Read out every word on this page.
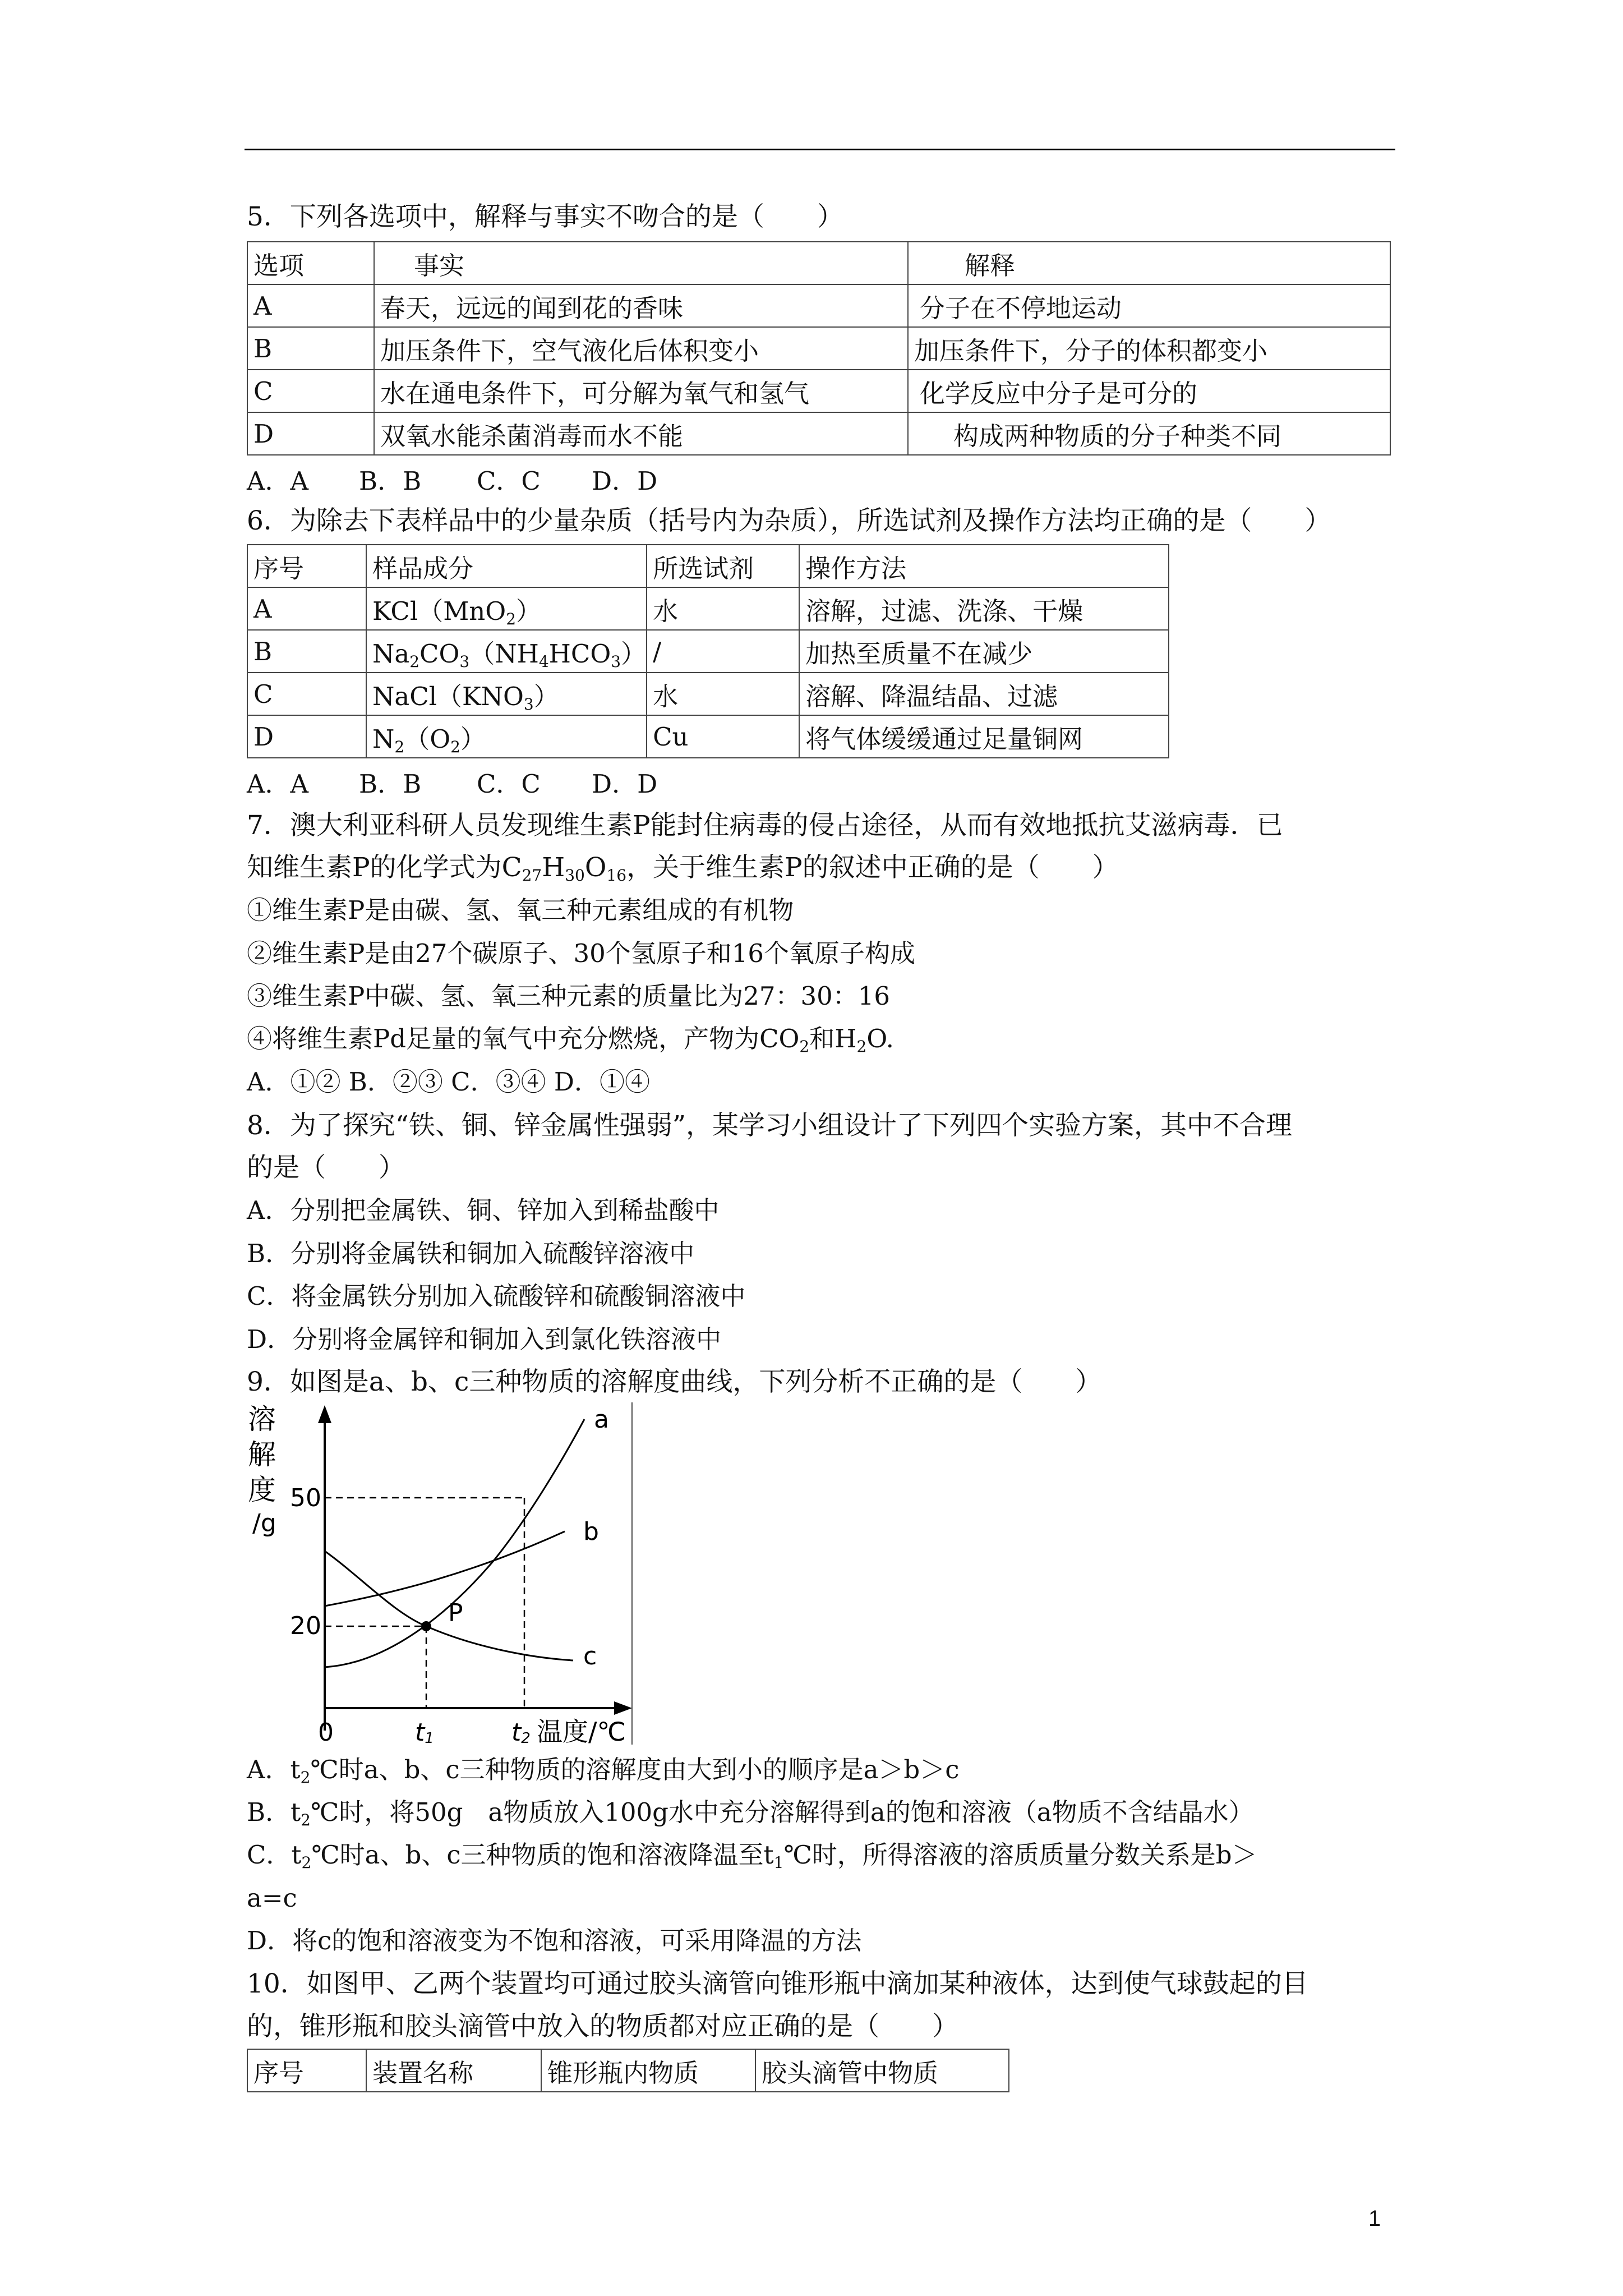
5．下列各选项中，解释与事实不吻合的是（　　）
选项	事实	解释
A	春天，远远的闻到花的香味	分子在不停地运动
B	加压条件下，空气液化后体积变小	加压条件下，分子的体积都变小
C	水在通电条件下，可分解为氧气和氢气	化学反应中分子是可分的
D	双氧水能杀菌消毒而水不能	构成两种物质的分子种类不同
A．A B．B C．C D．D
6．为除去下表样品中的少量杂质（括号内为杂质），所选试剂及操作方法均正确的是（　　）
序号	样品成分	所选试剂	操作方法
A	KCl（MnO$_2$）	水	溶解，过滤、洗涤、干燥
B	$Na_2CO_3(NH_4HCO_3)$	/	加热至质量不在减少
C	$NaCl(KNO_3)$	水	溶解、降温结晶、过滤
D	$N_2(O_2)$	Cu	将气体缓缓通过足量铜网
A．A B．B C．C D．D
7．澳大利亚科研人员发现维生素P能封住病毒的侵占途径，从而有效地抵抗艾滋病毒．已
知维生素P的化学式为$C_{27}H_{30}O_{16}$，关于维生素P的叙述中正确的是（　　）
①维生素P是由碳、氢、氧三种元素组成的有机物
②维生素P是由27个碳原子、30个氢原子和16个氧原子构成
③维生素P中碳、氢、氧三种元素的质量比为27：30：16
④将维生素Pd足量的氧气中充分燃烧，产物为$CO_2$和$H_2O$.
A．①② B．②③ C．③④ D．①④
8．为了探究“铁、铜、锌金属性强弱”，某学习小组设计了下列四个实验方案，其中不合理
的是（　　）
A．分别把金属铁、铜、锌加入到稀盐酸中
B．分别将金属铁和铜加入硫酸锌溶液中
C．将金属铁分别加入硫酸锌和硫酸铜溶液中
D．分别将金属锌和铜加入到氯化铁溶液中
9．如图是a、b、c三种物质的溶解度曲线，下列分析不正确的是（　　）
溶
解
度
/g
50
20
0	t1	t2 温度/℃
P
a
b
c
A．$t_2℃$时a、b、c三种物质的溶解度由大到小的顺序是a＞b＞c
B．$t_2℃$时，将50g　a物质放入100g水中充分溶解得到a的饱和溶液（a物质不含结晶水）
C．$t_2℃$时a、b、c三种物质的饱和溶液降温至$t_1℃$时，所得溶液的溶质质量分数关系是b＞
a=c
D．将c的饱和溶液变为不饱和溶液，可采用降温的方法
10．如图甲、乙两个装置均可通过胶头滴管向锥形瓶中滴加某种液体，达到使气球鼓起的目
的，锥形瓶和胶头滴管中放入的物质都对应正确的是（　　）
序号	装置名称	锥形瓶内物质	胶头滴管中物质
1
